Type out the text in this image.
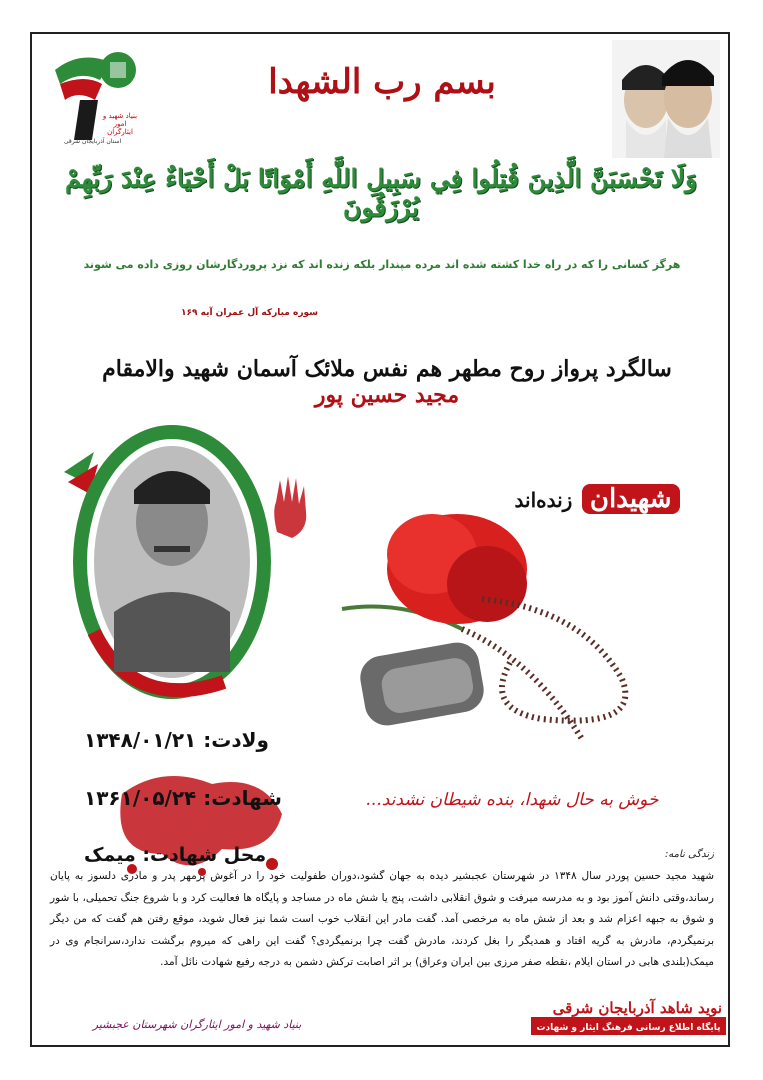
بنياد شهيد و امور ايثارگران
استان آذربايجان شرقی
بسم رب الشهدا
وَلَا تَحْسَبَنَّ الَّذِينَ قُتِلُوا فِي سَبِيلِ اللَّهِ أَمْوَاتًا بَلْ أَحْيَاءٌ عِنْدَ رَبِّهِمْ يُرْزَقُونَ
هرگز کسانی را که در راه خدا کشته شده اند مرده مپندار بلکه زنده اند که نزد پروردگارشان روزی داده می شوند
سوره مبارکه آل عمران آیه ۱۶۹
سالگرد پرواز روح مطهر هم نفس ملائک آسمان شهید والامقام مجید حسین پور
شهیدان زنده‌اند
ولادت: ۱۳۴۸/۰۱/۲۱
شهادت: ۱۳۶۱/۰۵/۲۴	خوش به حال شهدا، بنده شیطان نشدند...
محل شهادت: میمک	زندگی نامه:
شهید مجید حسین پوردر سال ۱۳۴۸ در شهرستان عجبشیر دیده به جهان گشود،دوران طفولیت خود را در آغوش پرمهر پدر و مادری دلسوز به پایان رساند،وقتی دانش آموز بود و به مدرسه میرفت و شوق انقلابی داشت، پنج یا شش ماه در مساجد و پایگاه ها فعالیت کرد و با شروع جنگ تحمیلی، با شور و شوق به جبهه اعزام شد و بعد از شش ماه به مرخصی آمد. گفت مادر این انقلاب خوب است شما نیز فعال شوید، موقع رفتن هم گفت که من دیگر برنمیگردم، مادرش به گریه افتاد و همدیگر را بغل کردند، مادرش گفت چرا برنمیگردی؟ گفت این راهی که میروم برگشت ندارد،سرانجام وی در میمک(بلندی هابی در استان ایلام ،نقطه صفر مرزی بین ایران وعراق) بر اثر اصابت ترکش دشمن به درجه رفیع شهادت نائل آمد.
بنیاد شهید و امور ایثارگران شهرستان عجبشیر
نوید شاهد آذربایجان شرقی
پایگاه اطلاع رسانی فرهنگ ایثار و شهادت
